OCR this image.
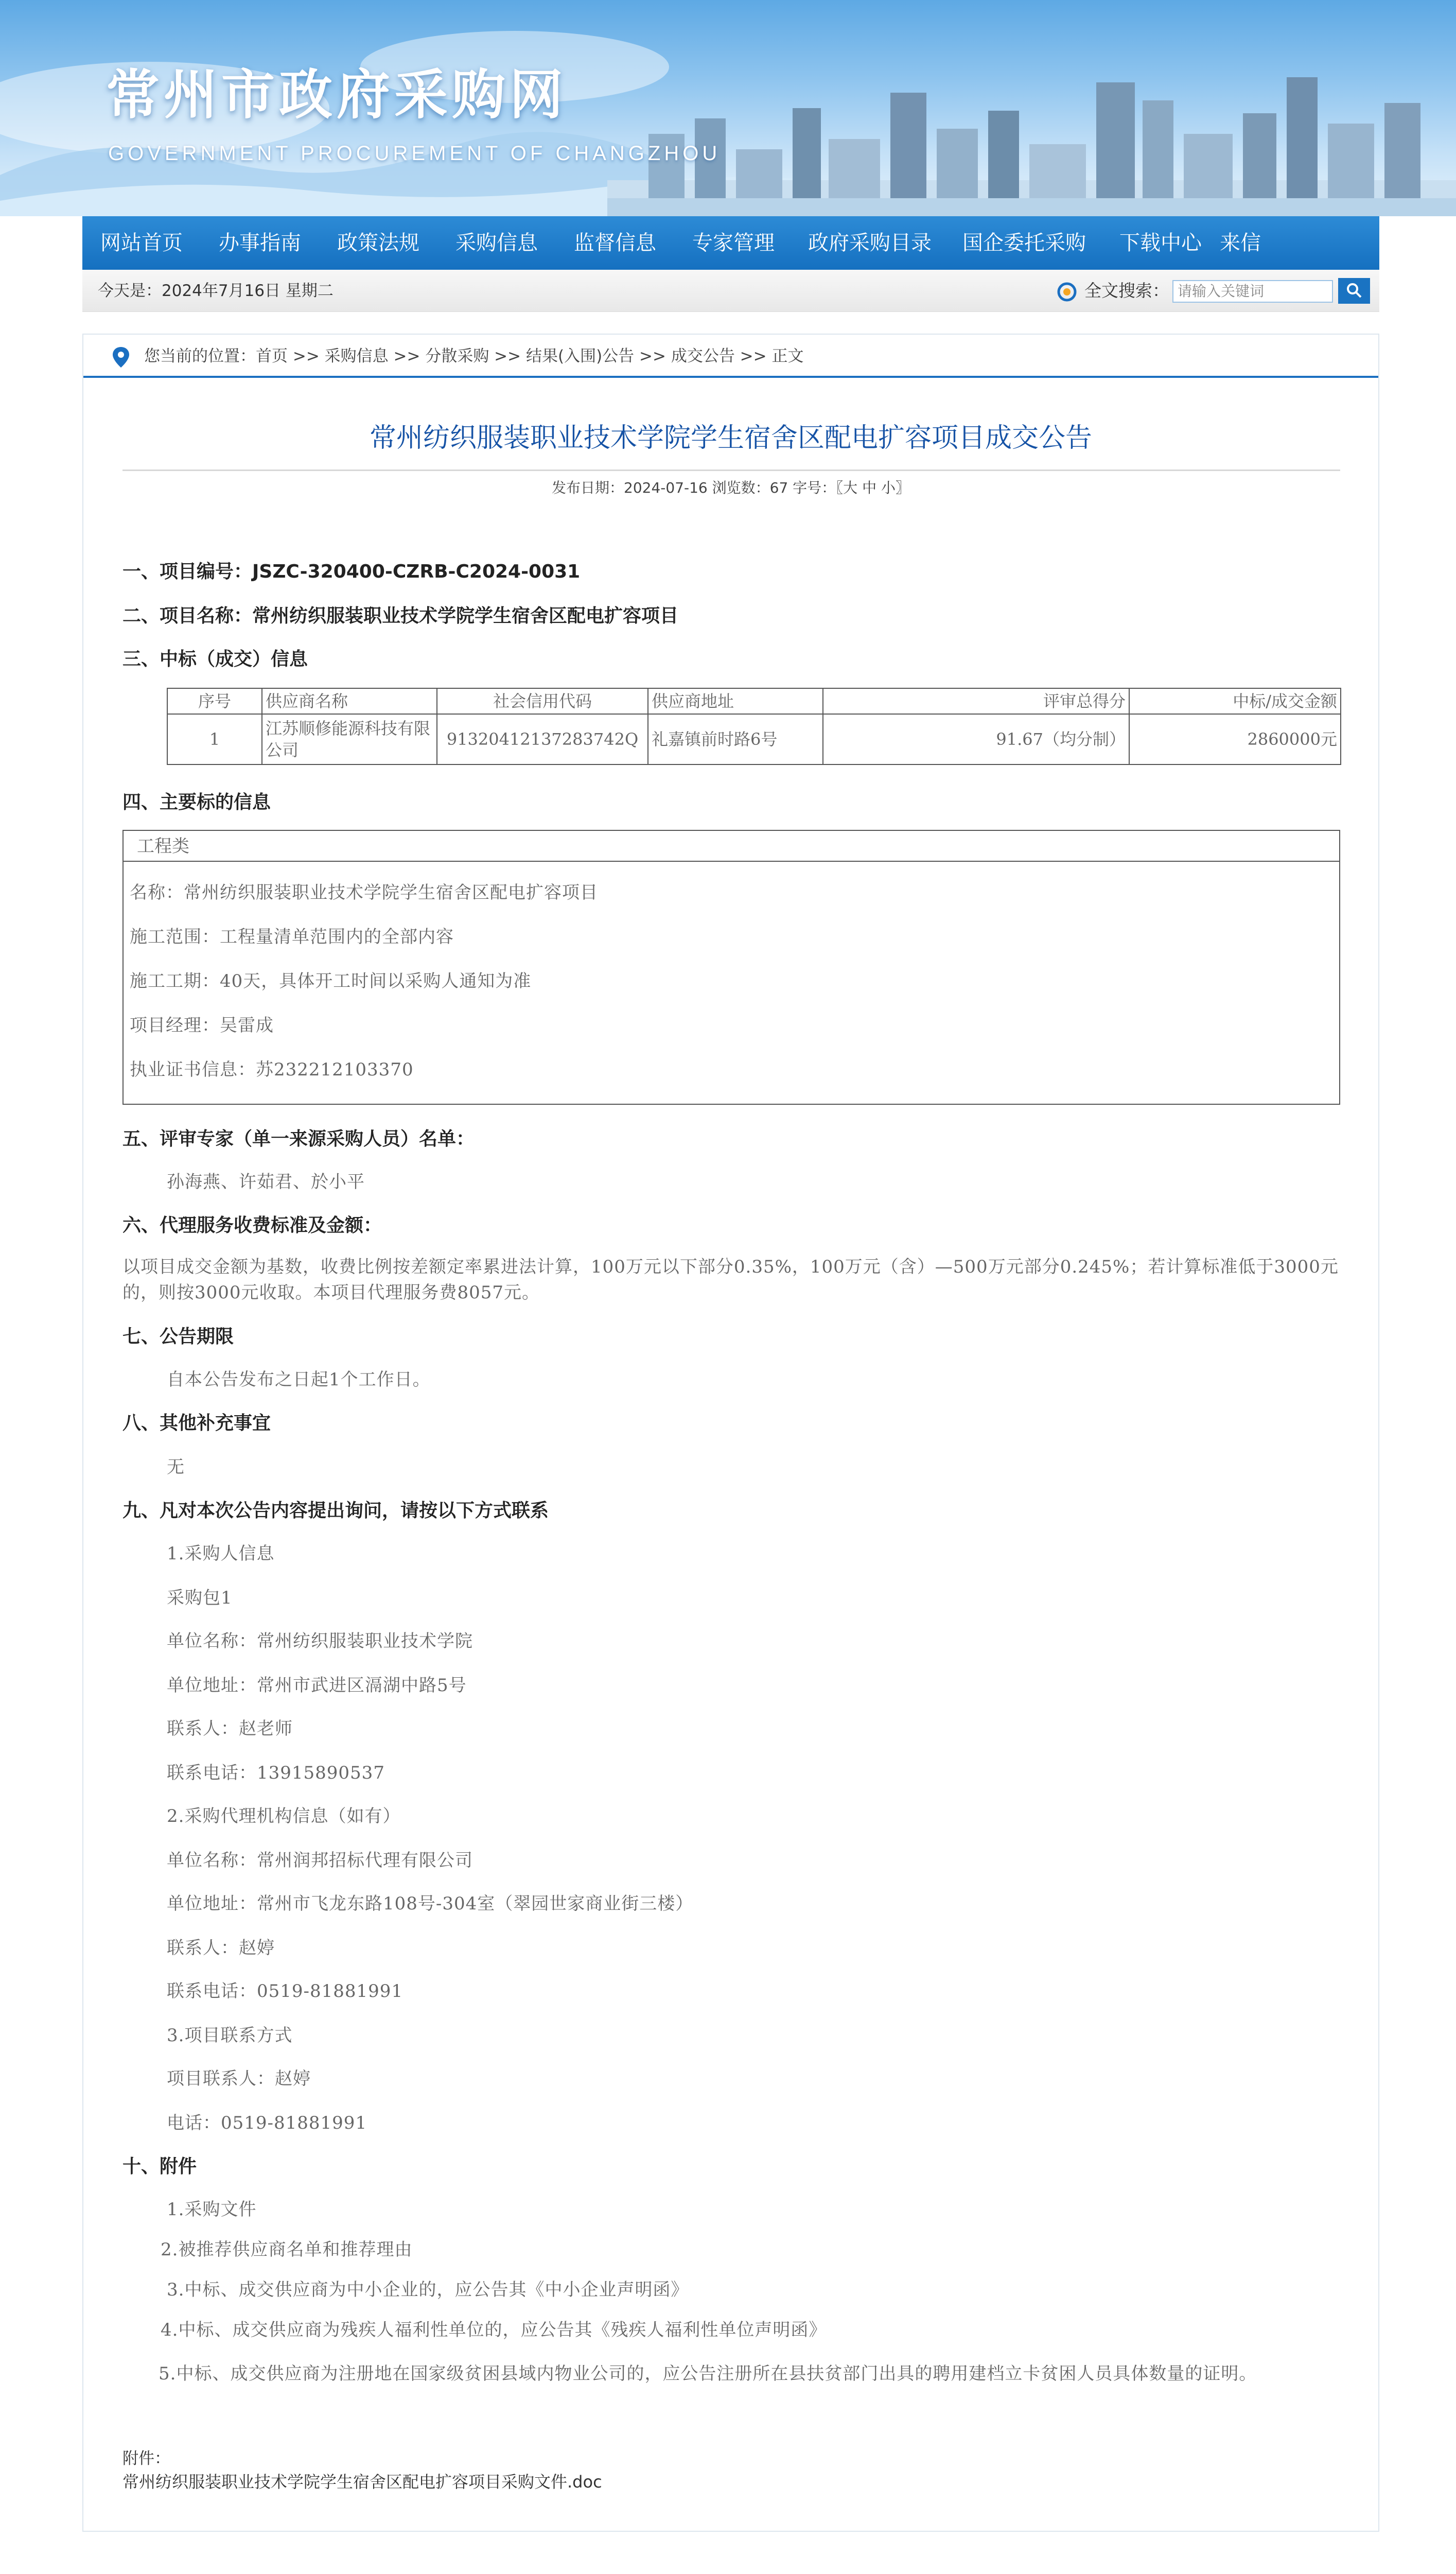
常州市政府采购网
GOVERNMENT PROCUREMENT OF CHANGZHOU
网站首页	办事指南	政策法规	采购信息	监督信息	专家管理	政府采购目录	国企委托采购	下载中心 来信
今天是：2024年7月16日 星期二	全文搜索：
请输入关键词
您当前的位置：首页 >> 采购信息 >> 分散采购 >> 结果(入围)公告 >> 成交公告 >> 正文
常州纺织服装职业技术学院学生宿舍区配电扩容项目成交公告
发布日期：2024-07-16 浏览数：67 字号：〖大 中 小〗
一、项目编号：JSZC-320400-CZRB-C2024-0031
二、项目名称：常州纺织服装职业技术学院学生宿舍区配电扩容项目
三、中标（成交）信息
序号	供应商名称	社会信用代码	供应商地址	评审总得分	中标/成交金额
1	江苏顺修能源科技有限公司	91320412137283742Q	礼嘉镇前时路6号	91.67（均分制）	2860000元
四、主要标的信息
工程类
名称：常州纺织服装职业技术学院学生宿舍区配电扩容项目
施工范围：工程量清单范围内的全部内容
施工工期：40天，具体开工时间以采购人通知为准
项目经理：吴雷成
执业证书信息：苏232212103370
五、评审专家（单一来源采购人员）名单：
孙海燕、许茹君、於小平
六、代理服务收费标准及金额：
以项目成交金额为基数，收费比例按差额定率累进法计算，100万元以下部分0.35%，100万元（含）—500万元部分0.245%；若计算标准低于3000元的，则按3000元收取。本项目代理服务费8057元。
七、公告期限
自本公告发布之日起1个工作日。
八、其他补充事宜
无
九、凡对本次公告内容提出询问，请按以下方式联系
1.采购人信息
采购包1
单位名称：常州纺织服装职业技术学院
单位地址：常州市武进区滆湖中路5号
联系人：赵老师
联系电话：13915890537
2.采购代理机构信息（如有）
单位名称：常州润邦招标代理有限公司
单位地址：常州市飞龙东路108号-304室（翠园世家商业街三楼）
联系人：赵婷
联系电话：0519-81881991
3.项目联系方式
项目联系人：赵婷
电话：0519-81881991
十、附件
1.采购文件
2.被推荐供应商名单和推荐理由
3.中标、成交供应商为中小企业的，应公告其《中小企业声明函》
4.中标、成交供应商为残疾人福利性单位的，应公告其《残疾人福利性单位声明函》
5.中标、成交供应商为注册地在国家级贫困县域内物业公司的，应公告注册所在县扶贫部门出具的聘用建档立卡贫困人员具体数量的证明。
附件：
常州纺织服装职业技术学院学生宿舍区配电扩容项目采购文件.doc
